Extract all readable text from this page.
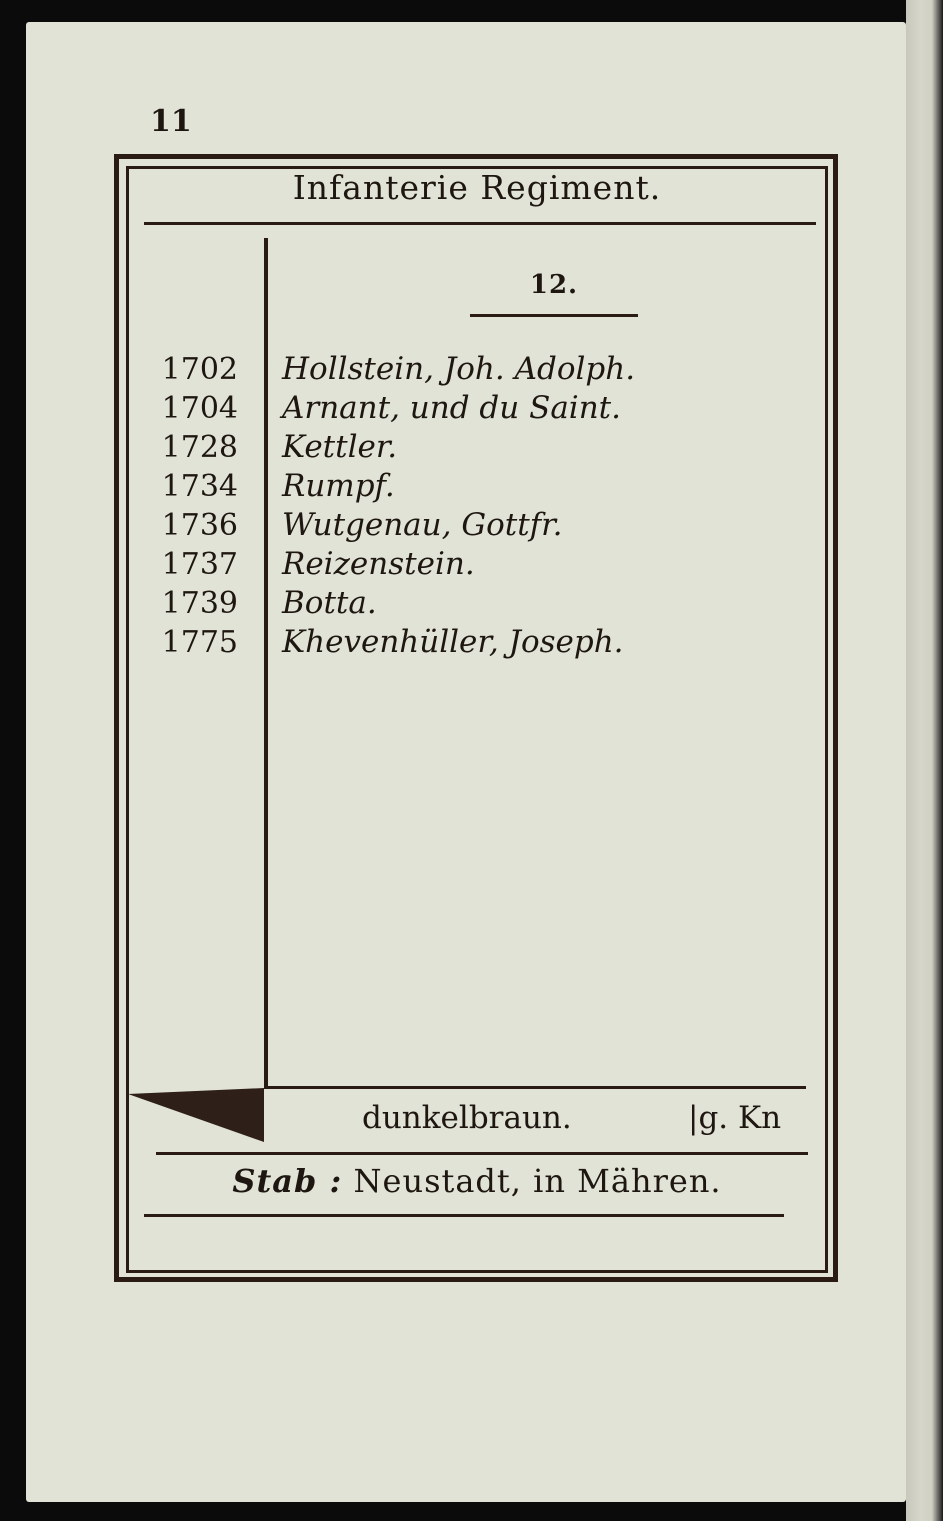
11
Infanterie Regiment.
12.
1702
1704
1728
1734
1736
1737
1739
1775
Hollstein, Joh. Adolph.
Arnant, und du Saint.
Kettler.
Rumpf.
Wutgenau, Gottfr.
Reizenstein.
Botta.
Khevenhüller, Joseph.
dunkelbraun.	|g. Kn
Stab : Neustadt, in Mähren.
